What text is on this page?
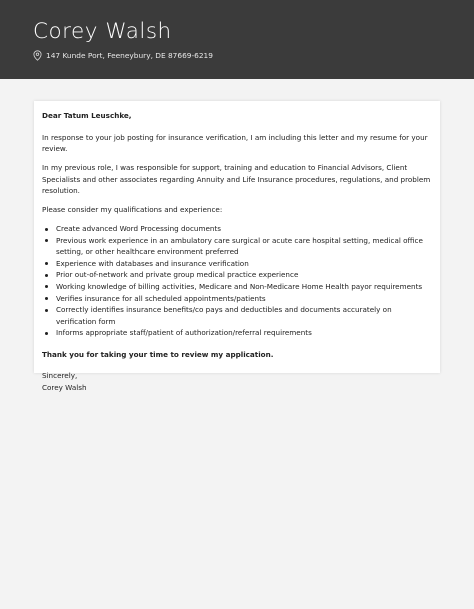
Corey Walsh
147 Kunde Port, Feeneybury, DE 87669-6219

Dear Tatum Leuschke,

In response to your job posting for insurance verification, I am including this letter and my resume for your review.

In my previous role, I was responsible for support, training and education to Financial Advisors, Client Specialists and other associates regarding Annuity and Life Insurance procedures, regulations, and problem resolution.

Please consider my qualifications and experience:

Create advanced Word Processing documents
Previous work experience in an ambulatory care surgical or acute care hospital setting, medical office setting, or other healthcare environment preferred
Experience with databases and insurance verification
Prior out-of-network and private group medical practice experience
Working knowledge of billing activities, Medicare and Non-Medicare Home Health payor requirements
Verifies insurance for all scheduled appointments/patients
Correctly identifies insurance benefits/co pays and deductibles and documents accurately on verification form
Informs appropriate staff/patient of authorization/referral requirements

Thank you for taking your time to review my application.

Sincerely,

Corey Walsh
